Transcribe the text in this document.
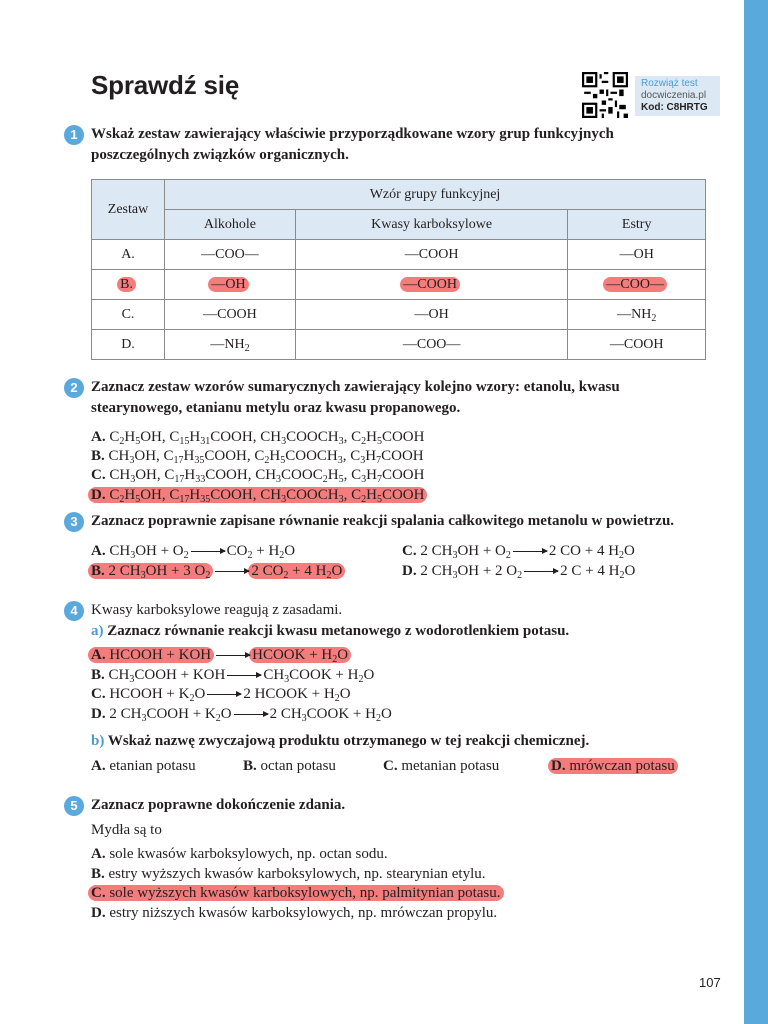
Sprawdź się	Rozwiąż test
docwiczenia.pl
Kod: C8HRTG
1 Wskaż zestaw zawierający właściwie przyporządkowane wzory grup funkcyjnych poszczególnych związków organicznych.
Zestaw	Wzór grupy funkcyjnej		
	Alkohole	Kwasy karboksylowe	Estry
A.	—COO—	—COOH	—OH
B.	—OH	—COOH	—COO—
C.	—COOH	—OH	$—NH_2$
D.	$—NH_2$	—COO—	—COOH
2 Zaznacz zestaw wzorów sumarycznych zawierający kolejno wzory: etanolu, kwasu stearynowego, etanianu metylu oraz kwasu propanowego.
A. $C_2H_5OH$, $C_{15}H_{31}COOH$, $CH_3COOCH_3$, $C_2H_5COOH$
B. $CH_3OH$, $C_{17}H_{35}COOH$, $C_2H_5COOCH_3$, $C_3H_7COOH$
C. $CH_3OH$, $C_{17}H_{33}COOH$, $CH_3COOC_2H_5$, $C_3H_7COOH$
D. $C_2H_5OH$, $C_{17}H_{35}COOH$, $CH_3COOCH_3$, $C_2H_5COOH$
3 Zaznacz poprawnie zapisane równanie reakcji spalania całkowitego metanolu w powietrzu.
A. $CH_3OH + O_2$	$CO_2 + H_2O$
B. 2 $CH_3OH + 3$ $O_2$	2 $CO_2 + 4$ $H_2O$
C. 2 $CH_3OH + O_2$	2 CO + 4 $H_2O$
D. 2 $CH_3OH + 2$ $O_2$	2 C + 4 $H_2O$
4 Kwasy karboksylowe reagują z zasadami.
a) Zaznacz równanie reakcji kwasu metanowego z wodorotlenkiem potasu.
A. HCOOH + KOH	HCOOK + $H_2O$
B. $CH_3COOH$ + KOH	$CH_3COOK + H_2O$
C. HCOOH + $K_2O$	2 HCOOK + $H_2O$
D. 2 $CH_3COOH + K_2O$	2 $CH_3COOK + H_2O$
b) Wskaż nazwę zwyczajową produktu otrzymanego w tej reakcji chemicznej.
A. etanian potasu	B. octan potasu	C. metanian potasu	D. mrówczan potasu
5 Zaznacz poprawne dokończenie zdania.
Mydła są to
A. sole kwasów karboksylowych, np. octan sodu.
B. estry wyższych kwasów karboksylowych, np. stearynian etylu.
C. sole wyższych kwasów karboksylowych, np. palmitynian potasu.
D. estry niższych kwasów karboksylowych, np. mrówczan propylu.
107
